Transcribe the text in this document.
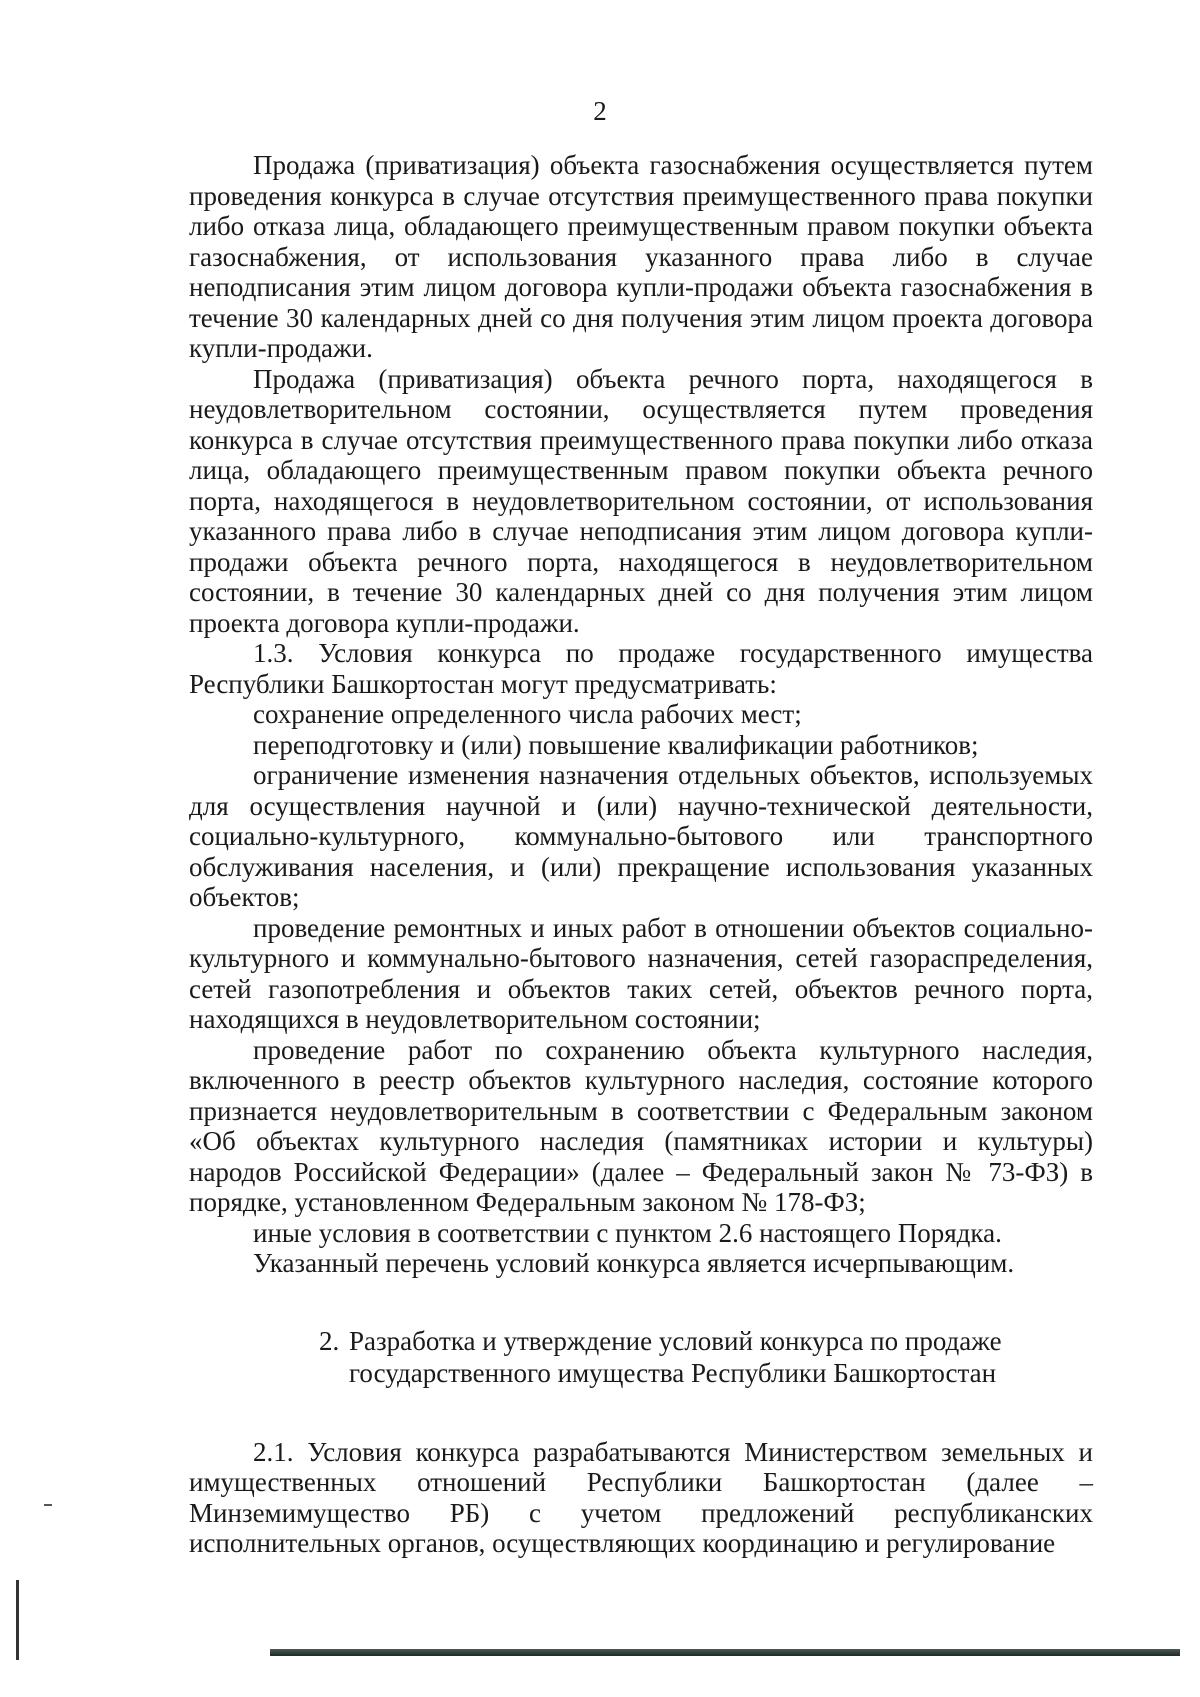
2

Продажа (приватизация) объекта газоснабжения осуществляется путем проведения конкурса в случае отсутствия преимущественного права покупки либо отказа лица, обладающего преимущественным правом покупки объекта газоснабжения, от использования указанного права либо в случае неподписания этим лицом договора купли-продажи объекта газоснабжения в течение 30 календарных дней со дня получения этим лицом проекта договора купли-продажи.

Продажа (приватизация) объекта речного порта, находящегося в неудовлетворительном состоянии, осуществляется путем проведения конкурса в случае отсутствия преимущественного права покупки либо отказа лица, обладающего преимущественным правом покупки объекта речного порта, находящегося в неудовлетворительном состоянии, от использования указанного права либо в случае неподписания этим лицом договора купли-продажи объекта речного порта, находящегося в неудовлетворительном состоянии, в течение 30 календарных дней со дня получения этим лицом проекта договора купли-продажи.

1.3. Условия конкурса по продаже государственного имущества Республики Башкортостан могут предусматривать:

сохранение определенного числа рабочих мест;

переподготовку и (или) повышение квалификации работников;

ограничение изменения назначения отдельных объектов, используемых для осуществления научной и (или) научно-технической деятельности, социально-культурного, коммунально-бытового или транспортного обслуживания населения, и (или) прекращение использования указанных объектов;

проведение ремонтных и иных работ в отношении объектов социально-культурного и коммунально-бытового назначения, сетей газораспределения, сетей газопотребления и объектов таких сетей, объектов речного порта, находящихся в неудовлетворительном состоянии;

проведение работ по сохранению объекта культурного наследия, включенного в реестр объектов культурного наследия, состояние которого признается неудовлетворительным в соответствии с Федеральным законом «Об объектах культурного наследия (памятниках истории и культуры) народов Российской Федерации» (далее – Федеральный закон № 73-ФЗ) в порядке, установленном Федеральным законом № 178-ФЗ;

иные условия в соответствии с пунктом 2.6 настоящего Порядка.

Указанный перечень условий конкурса является исчерпывающим.

2. Разработка и утверждение условий конкурса по продаже
государственного имущества Республики Башкортостан

2.1. Условия конкурса разрабатываются Министерством земельных и имущественных отношений Республики Башкортостан (далее – Минземимущество РБ) с учетом предложений республиканских исполнительных органов, осуществляющих координацию и регулирование
